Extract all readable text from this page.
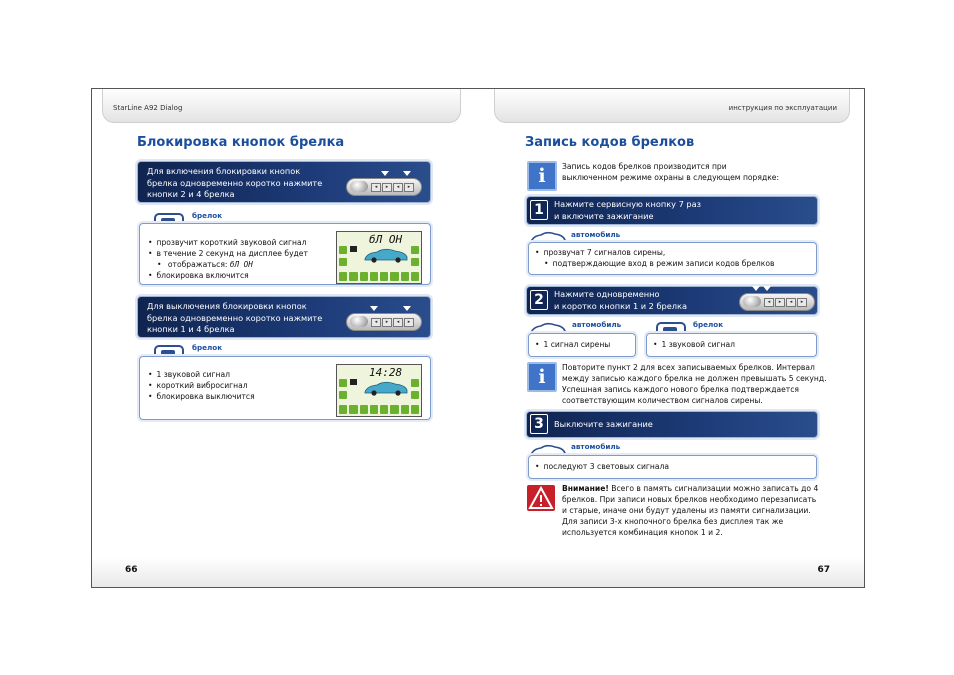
StarLine A92 Dialog
Блокировка кнопок брелка
Для включения блокировки кнопок
брелка одновременно коротко нажмите
кнопки 2 и 4 брелка
◂	▸	◂	▸
брелок
• прозвучит короткий звуковой сигнал
• в течение 2 секунд на дисплее будет
• отображаться: бЛ ОН
• блокировка включится
бЛ ОН
Для выключения блокировки кнопок
брелка одновременно коротко нажмите
кнопки 1 и 4 брелка
◂	▸	◂	▸
брелок
• 1 звуковой сигнал
• короткий вибросигнал
• блокировка выключится
14:28
66
инструкция по эксплуатации
Запись кодов брелков
i	Запись кодов брелков производится при
выключенном режиме охраны в следующем порядке:
1	Нажмите сервисную кнопку 7 раз
и включите зажигание
автомобиль
• прозвучат 7 сигналов сирены,
• подтверждающие вход в режим записи кодов брелков
2	Нажмите одновременно
и коротко кнопки 1 и 2 брелка	◂	▸	◂	▸
автомобиль
• 1 сигнал сирены
брелок
• 1 звуковой сигнал
i	Повторите пункт 2 для всех записываемых брелков. Интервал
между записью каждого брелка не должен превышать 5 секунд.
Успешная запись каждого нового брелка подтверждается
соответствующим количеством сигналов сирены.
3	Выключите зажигание
автомобиль
• последуют 3 световых сигнала
Внимание! Всего в память сигнализации можно записать до 4
брелков. При записи новых брелков необходимо перезаписать
и старые, иначе они будут удалены из памяти сигнализации.
Для записи 3-х кнопочного брелка без дисплея так же
используется комбинация кнопок 1 и 2.
67
